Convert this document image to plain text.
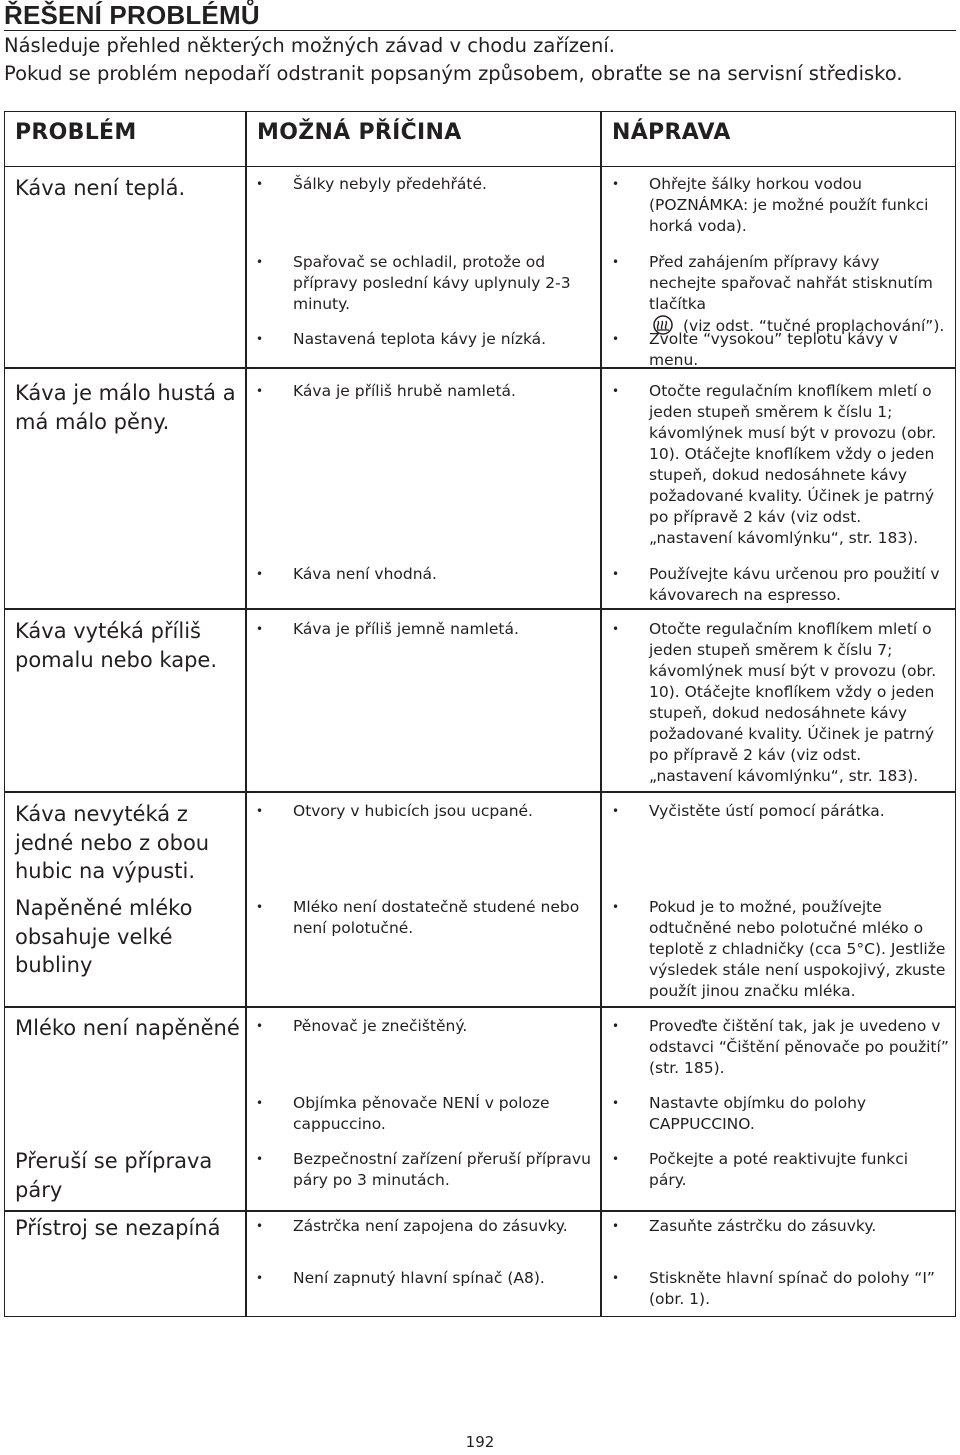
ŘEŠENÍ PROBLÉMŮ
Následuje přehled některých možných závad v chodu zařízení.
Pokud se problém nepodaří odstranit popsaným způsobem, obraťte se na servisní středisko.
PROBLÉM	MOŽNÁ PŘÍČINA	NÁPRAVA
Káva není teplá.
Káva je málo hustá a má málo pěny.
Káva vytéká příliš pomalu nebo kape.
Káva nevytéká z jedné nebo z obou hubic na výpusti.
Napěněné mléko obsahuje velké bubliny
Mléko není napěněné
Přeruší se příprava páry
Přístroj se nezapíná
• Šálky nebyly předehřáté.
• Spařovač se ochladil, protože od přípravy poslední kávy uplynuly 2-3 minuty.
• Nastavená teplota kávy je nízká.
• Káva je příliš hrubě namletá.
• Káva není vhodná.
• Káva je příliš jemně namletá.
• Otvory v hubicích jsou ucpané.
• Mléko není dostatečně studené nebo není polotučné.
• Pěnovač je znečištěný.
• Objímka pěnovače NENÍ v poloze cappuccino.
• Bezpečnostní zařízení přeruší přípravu páry po 3 minutách.
• Zástrčka není zapojena do zásuvky.
• Není zapnutý hlavní spínač (A8).
• Ohřejte šálky horkou vodou (POZNÁMKA: je možné použít funkci horká voda).
• Před zahájením přípravy kávy nechejte spařovač nahřát stisknutím tlačítka
(viz odst. “tučné proplachování”).
• Zvolte “vysokou” teplotu kávy v menu.
• Otočte regulačním knoflíkem mletí o jeden stupeň směrem k číslu 1; kávomlýnek musí být v provozu (obr. 10). Otáčejte knoflíkem vždy o jeden stupeň, dokud nedosáhnete kávy požadované kvality. Účinek je patrný po přípravě 2 káv (viz odst. „nastavení kávomlýnku“, str. 183).
• Používejte kávu určenou pro použití v kávovarech na espresso.
• Otočte regulačním knoflíkem mletí o jeden stupeň směrem k číslu 7; kávomlýnek musí být v provozu (obr. 10). Otáčejte knoflíkem vždy o jeden stupeň, dokud nedosáhnete kávy požadované kvality. Účinek je patrný po přípravě 2 káv (viz odst. „nastavení kávomlýnku“, str. 183).
• Vyčistěte ústí pomocí párátka.
• Pokud je to možné, používejte odtučněné nebo polotučné mléko o teplotě z chladničky (cca 5°C). Jestliže výsledek stále není uspokojivý, zkuste použít jinou značku mléka.
• Proveďte čištění tak, jak je uvedeno v odstavci “Čištění pěnovače po použití” (str. 185).
• Nastavte objímku do polohy CAPPUCCINO.
• Počkejte a poté reaktivujte funkci páry.
• Zasuňte zástrčku do zásuvky.
• Stiskněte hlavní spínač do polohy “I” (obr. 1).
192
